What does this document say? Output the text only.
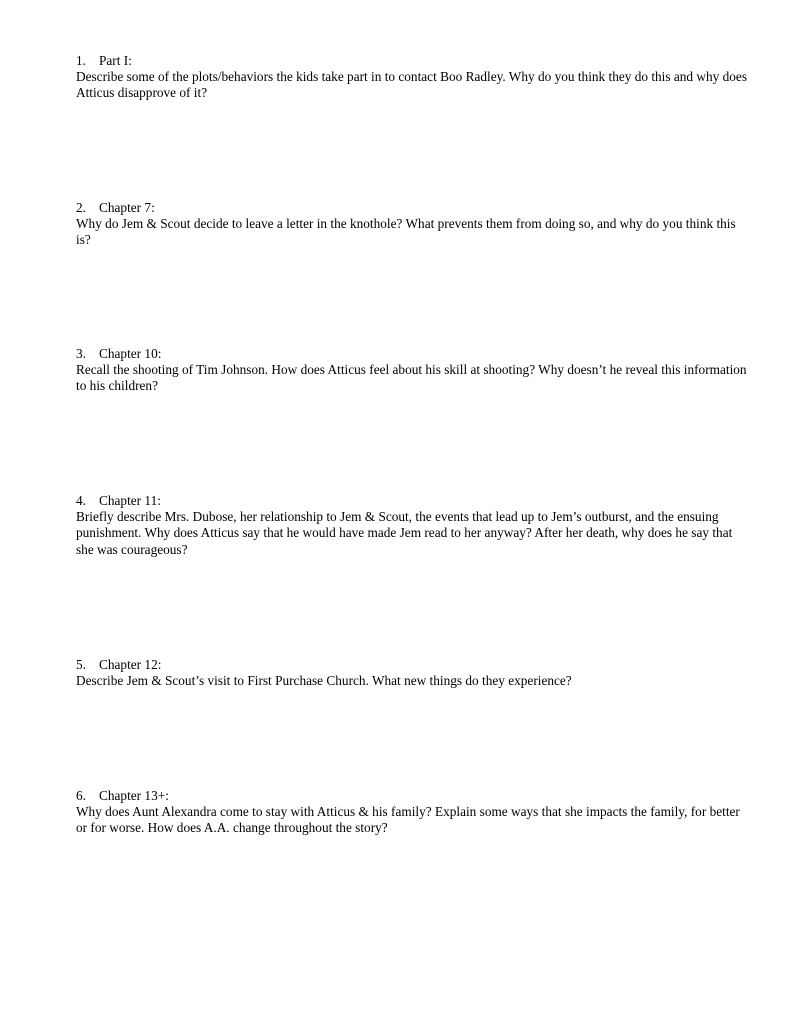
1. Part I:

Describe some of the plots/behaviors the kids take part in to contact Boo Radley. Why do you think they do this and why does Atticus disapprove of it?

2. Chapter 7:

Why do Jem & Scout decide to leave a letter in the knothole? What prevents them from doing so, and why do you think this is?

3. Chapter 10:

Recall the shooting of Tim Johnson. How does Atticus feel about his skill at shooting? Why doesn’t he reveal this information to his children?

4. Chapter 11:

Briefly describe Mrs. Dubose, her relationship to Jem & Scout, the events that lead up to Jem’s outburst, and the ensuing punishment. Why does Atticus say that he would have made Jem read to her anyway? After her death, why does he say that she was courageous?

5. Chapter 12:

Describe Jem & Scout’s visit to First Purchase Church. What new things do they experience?

6. Chapter 13+:

Why does Aunt Alexandra come to stay with Atticus & his family? Explain some ways that she impacts the family, for better or for worse. How does A.A. change throughout the story?
